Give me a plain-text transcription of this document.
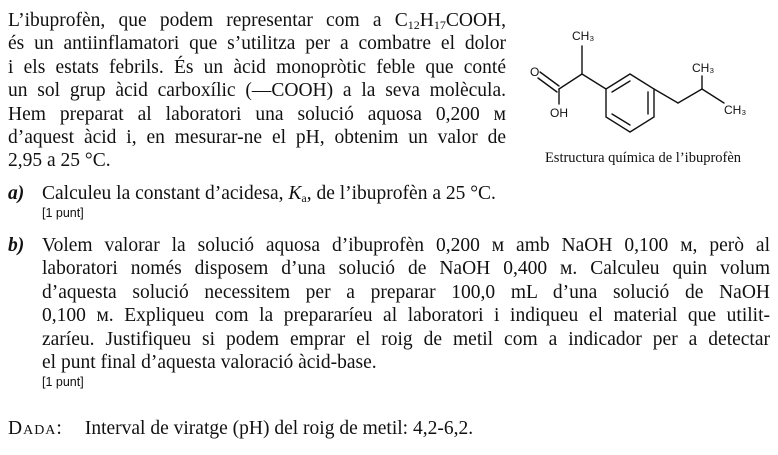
L’ibuprofèn, que podem representar com a $C_{12}H_{17}COOH$,
és un antiinflamatori que s’utilitza per a combatre el dolor
i els estats febrils. És un àcid monopròtic feble que conté
un sol grup àcid carboxílic (—COOH) a la seva molècula.
Hem preparat al laboratori una solució aquosa 0,200 м
d’aquest àcid i, en mesurar-ne el pH, obtenim un valor de
2,95 a 25 °C.
CH₃
O
OH
CH₃
CH₃
Estructura química de l’ibuprofèn
a) Calculeu la constant d’acidesa, $K_a$, de l’ibuprofèn a 25 °C.
[1 punt]
b) Volem valorar la solució aquosa d’ibuprofèn 0,200 м amb NaOH 0,100 м, però al
laboratori només disposem d’una solució de NaOH 0,400 м. Calculeu quin volum
d’aquesta solució necessitem per a preparar 100,0 mL d’una solució de NaOH
0,100 м. Expliqueu com la prepararíeu al laboratori i indiqueu el material que utilit-
zaríeu. Justifiqueu si podem emprar el roig de metil com a indicador per a detectar
el punt final d’aquesta valoració àcid-base.
[1 punt]
Dada: Interval de viratge (pH) del roig de metil: 4,2-6,2.
